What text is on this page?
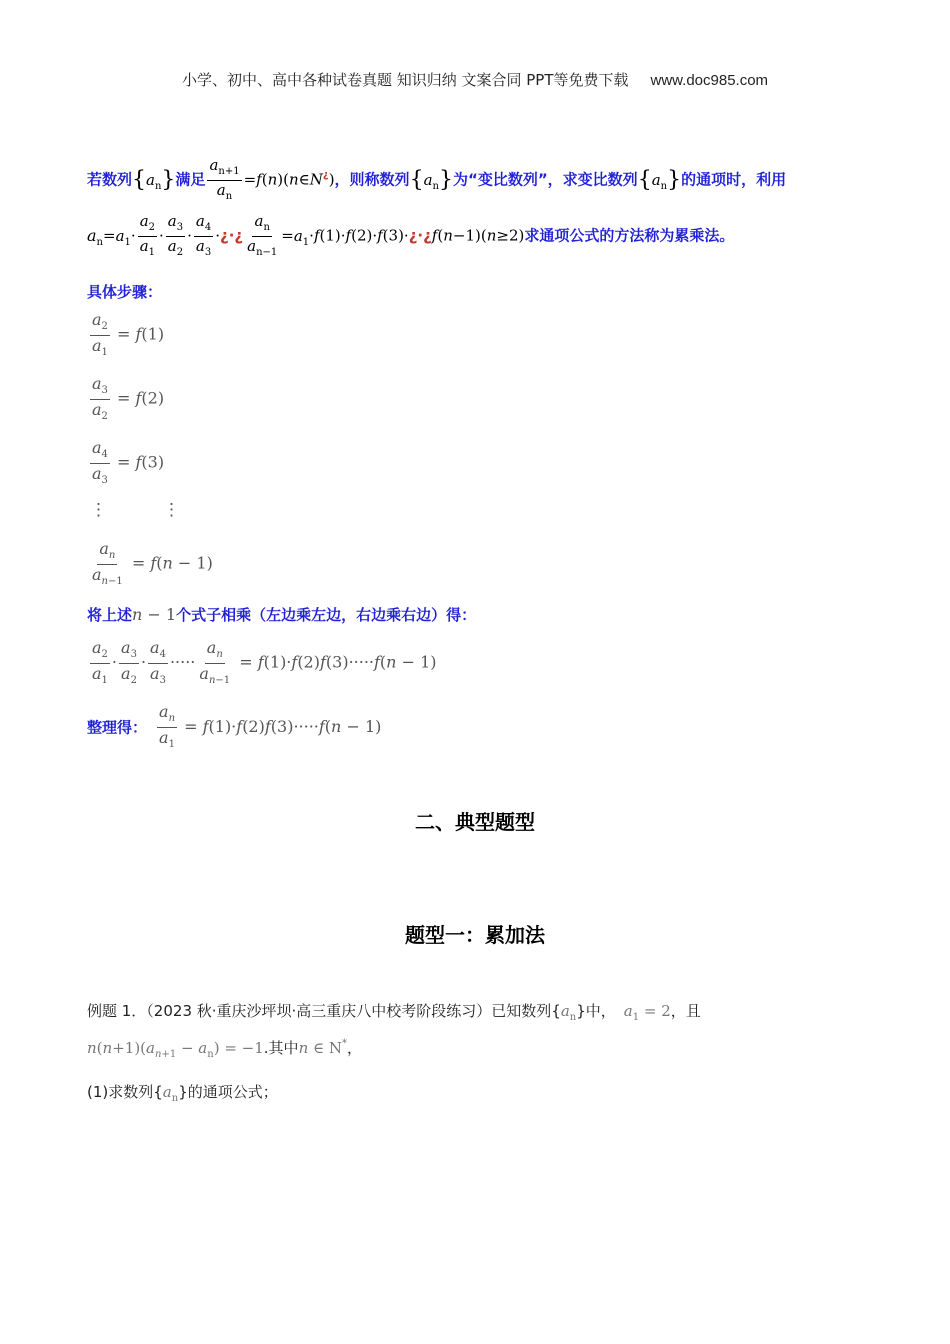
小学、初中、高中各种试卷真题 知识归纳 文案合同 PPT等免费下载 www.doc985.com
若数列$\{a_n\}$满足 $\frac{a_{n+1}}{a_n}$ =f(n)(n∈N¿)，则称数列$\{a_n\}$为“变比数列”，求变比数列$\{a_n\}$的通项时，利用
$a_n=a_1\cdot \frac{a_2}{a_1} \cdot \frac{a_3}{a_2} \cdot \frac{a_4}{a_3}$ ·¿·¿ $\frac{a_n}{a_{n-1}}$ $=a_1\cdot f(1)\cdot f(2)\cdot f(3)\cdot¿\cdot¿f(n-1)(n\ge 2)$求通项公式的方法称为累乘法。
具体步骤：
$\frac{a_2}{a_1} = f(1)$
$\frac{a_3}{a_2} = f(2)$
$\frac{a_4}{a_3} = f(3)$
⋮	⋮
$\frac{a_n}{a_{n-1}} = f(n - 1)$
将上述n − 1个式子相乘（左边乘左边，右边乘右边）得：
$\frac{a_2}{a_1} \cdot \frac{a_3}{a_2} \cdot \frac{a_4}{a_3}$ ····· $\frac{a_n}{a_{n-1}} = f(1)\cdot f(2)f(3)\cdot\cdot\cdot\cdot\cdot f(n - 1)$
整理得： $\frac{a_n}{a_1} = f(1)\cdot f(2)f(3)\cdot\cdot\cdot\cdot\cdot f(n - 1)$
二、典型题型
题型一：累加法
例题 1．（2023 秋·重庆沙坪坝·高三重庆八中校考阶段练习）已知数列$\{a_n\}$中， $a_1 = 2$，且
$n(n+1)(a_{n+1} - a_n) = -1$.其中n ∈ N*，
(1)求数列$\{a_n\}$的通项公式；
